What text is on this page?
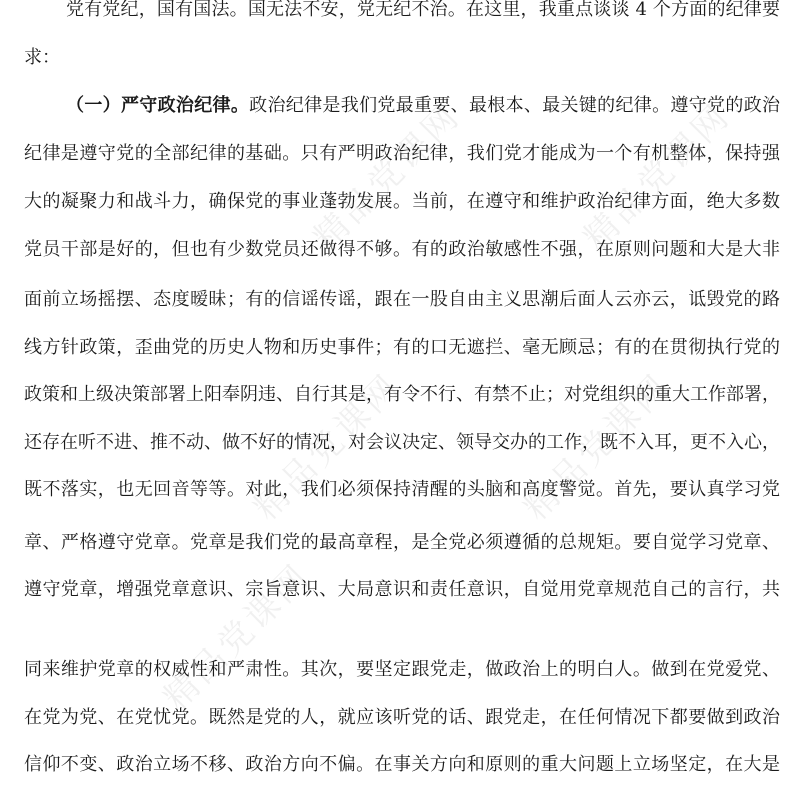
精品党课网	精品党课网
精品党课网	精品党课网
精品党课网
党有党纪，国有国法。国无法不安，党无纪不治。在这里，我重点谈谈 4 个方面的纪律要
求：
（一）严守政治纪律。政治纪律是我们党最重要、最根本、最关键的纪律。遵守党的政治
纪律是遵守党的全部纪律的基础。只有严明政治纪律，我们党才能成为一个有机整体，保持强
大的凝聚力和战斗力，确保党的事业蓬勃发展。当前，在遵守和维护政治纪律方面，绝大多数
党员干部是好的，但也有少数党员还做得不够。有的政治敏感性不强，在原则问题和大是大非
面前立场摇摆、态度暧昧；有的信谣传谣，跟在一股自由主义思潮后面人云亦云，诋毁党的路
线方针政策，歪曲党的历史人物和历史事件；有的口无遮拦、毫无顾忌；有的在贯彻执行党的
政策和上级决策部署上阳奉阴违、自行其是，有令不行、有禁不止；对党组织的重大工作部署，
还存在听不进、推不动、做不好的情况，对会议决定、领导交办的工作，既不入耳，更不入心，
既不落实，也无回音等等。对此，我们必须保持清醒的头脑和高度警觉。首先，要认真学习党
章、严格遵守党章。党章是我们党的最高章程，是全党必须遵循的总规矩。要自觉学习党章、
遵守党章，增强党章意识、宗旨意识、大局意识和责任意识，自觉用党章规范自己的言行，共
同来维护党章的权威性和严肃性。其次，要坚定跟党走，做政治上的明白人。做到在党爱党、
在党为党、在党忧党。既然是党的人，就应该听党的话、跟党走，在任何情况下都要做到政治
信仰不变、政治立场不移、政治方向不偏。在事关方向和原则的重大问题上立场坚定，在大是
